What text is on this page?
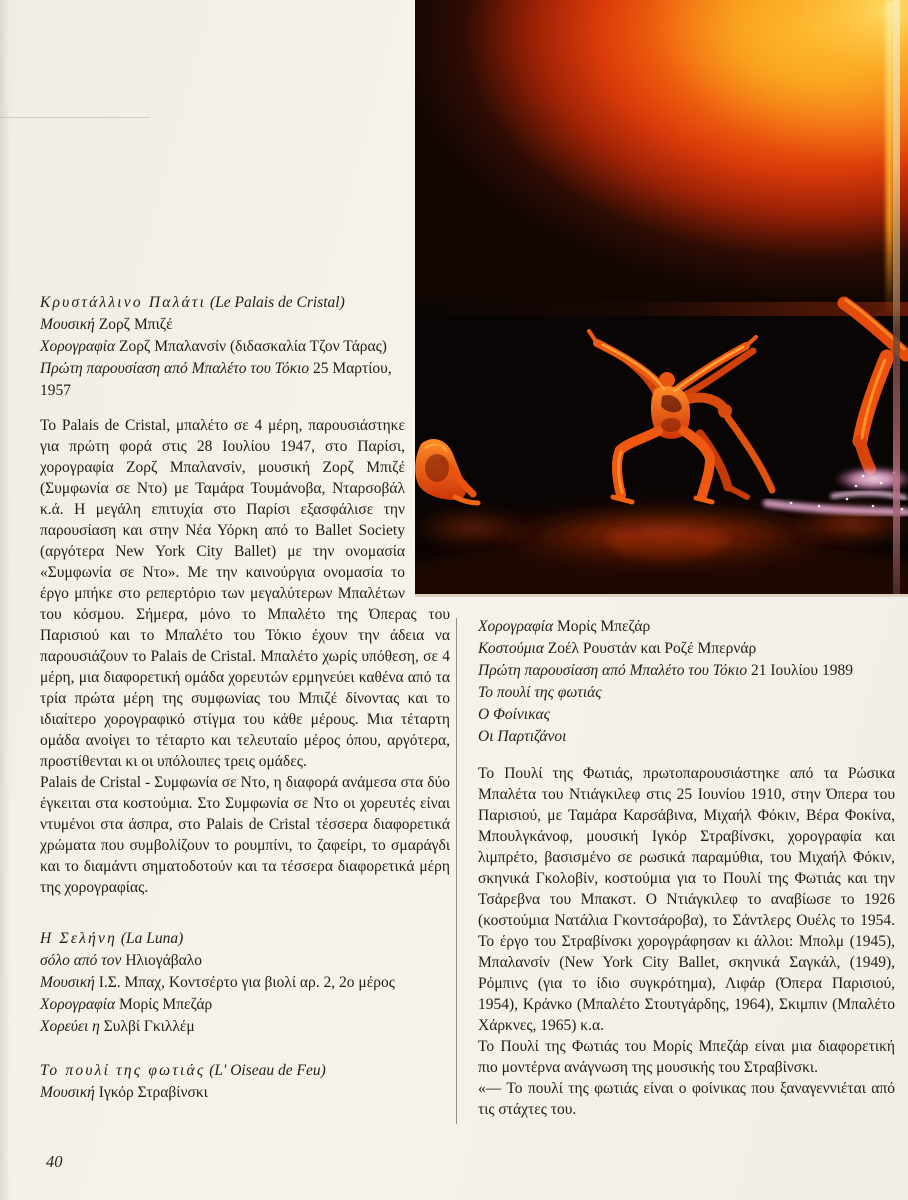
Κρυστάλλινο Παλάτι (Le Palais de Cristal)
Μουσική Ζορζ Μπιζέ
Χορογραφία Ζορζ Μπαλανσίν (διδασκαλία Τζον Τάρας)
Πρώτη παρουσίαση από Μπαλέτο του Τόκιο 25 Μαρτίου, 1957

Το Palais de Cristal, μπαλέτο σε 4 μέρη, παρουσιάστηκε για πρώτη φορά στις 28 Ιουλίου 1947, στο Παρίσι, χορογραφία Ζορζ Μπαλανσίν, μουσική Ζορζ Μπιζέ (Συμφωνία σε Ντο) με Ταμάρα Τουμάνοβα, Νταρσοβάλ κ.ά. Η μεγάλη επιτυχία στο Παρίσι εξασφάλισε την παρουσίαση και στην Νέα Υόρκη από το Ballet Society (αργότερα New York City Ballet) με την ονομασία «Συμφωνία σε Ντο». Με την καινούργια ονομασία το έργο μπήκε στο ρεπερτόριο των μεγαλύτερων Μπαλέτων του κόσμου. Σήμερα, μόνο το Μπαλέτο της Όπερας του Παρισιού και το Μπαλέτο του Τόκιο έχουν την άδεια να παρουσιάζουν το Palais de Cristal. Μπαλέτο χωρίς υπόθεση, σε 4 μέρη, μια διαφορετική ομάδα χορευτών ερμηνεύει καθένα από τα τρία πρώτα μέρη της συμφωνίας του Μπιζέ δίνοντας και το ιδιαίτερο χορογραφικό στίγμα του κάθε μέρους. Μια τέταρτη ομάδα ανοίγει το τέταρτο και τελευταίο μέρος όπου, αργότερα, προστίθενται κι οι υπόλοιπες τρεις ομάδες.

Palais de Cristal - Συμφωνία σε Ντο, η διαφορά ανάμεσα στα δύο έγκειται στα κοστούμια. Στο Συμφωνία σε Ντο οι χορευτές είναι ντυμένοι στα άσπρα, στο Palais de Cristal τέσσερα διαφορετικά χρώματα που συμβολίζουν το ρουμπίνι, το ζαφείρι, το σμαράγδι και το διαμάντι σηματοδοτούν και τα τέσσερα διαφορετικά μέρη της χορογραφίας.

Η Σελήνη (La Luna)
σόλο από τον Ηλιογάβαλο
Μουσική Ι.Σ. Μπαχ, Κοντσέρτο για βιολί αρ. 2, 2ο μέρος
Χορογραφία Μορίς Μπεζάρ
Χορεύει η Συλβί Γκιλλέμ
Το πουλί της φωτιάς (L' Oiseau de Feu)
Μουσική Ιγκόρ Στραβίνσκι
Χορογραφία Μορίς Μπεζάρ
Κοστούμια Ζοέλ Ρουστάν και Ροζέ Μπερνάρ
Πρώτη παρουσίαση από Μπαλέτο του Τόκιο 21 Ιουλίου 1989
Το πουλί της φωτιάς
Ο Φοίνικας
Οι Παρτιζάνοι

Το Πουλί της Φωτιάς, πρωτοπαρουσιάστηκε από τα Ρώσικα Μπαλέτα του Ντιάγκιλεφ στις 25 Ιουνίου 1910, στην Όπερα του Παρισιού, με Ταμάρα Καρσάβινα, Μιχαήλ Φόκιν, Βέρα Φοκίνα, Μπουλγκάνοφ, μουσική Ιγκόρ Στραβίνσκι, χορογραφία και λιμπρέτο, βασισμένο σε ρωσικά παραμύθια, του Μιχαήλ Φόκιν, σκηνικά Γκολοβίν, κοστούμια για το Πουλί της Φωτιάς και την Τσάρεβνα του Μπακστ. Ο Ντιάγκιλεφ το αναβίωσε το 1926 (κοστούμια Νατάλια Γκοντσάροβα), το Σάντλερς Ουέλς το 1954. Το έργο του Στραβίνσκι χορογράφησαν κι άλλοι: Μπολμ (1945), Μπαλανσίν (New York City Ballet, σκηνικά Σαγκάλ, (1949), Ρόμπινς (για το ίδιο συγκρότημα), Λιφάρ (Όπερα Παρισιού, 1954), Κράνκο (Μπαλέτο Στουτγάρδης, 1964), Σκιμπιν (Μπαλέτο Χάρκνες, 1965) κ.α.

Το Πουλί της Φωτιάς του Μορίς Μπεζάρ είναι μια διαφορετική πιο μοντέρνα ανάγνωση της μουσικής του Στραβίνσκι.

«— Το πουλί της φωτιάς είναι ο φοίνικας που ξαναγεννιέται από τις στάχτες του.

40
